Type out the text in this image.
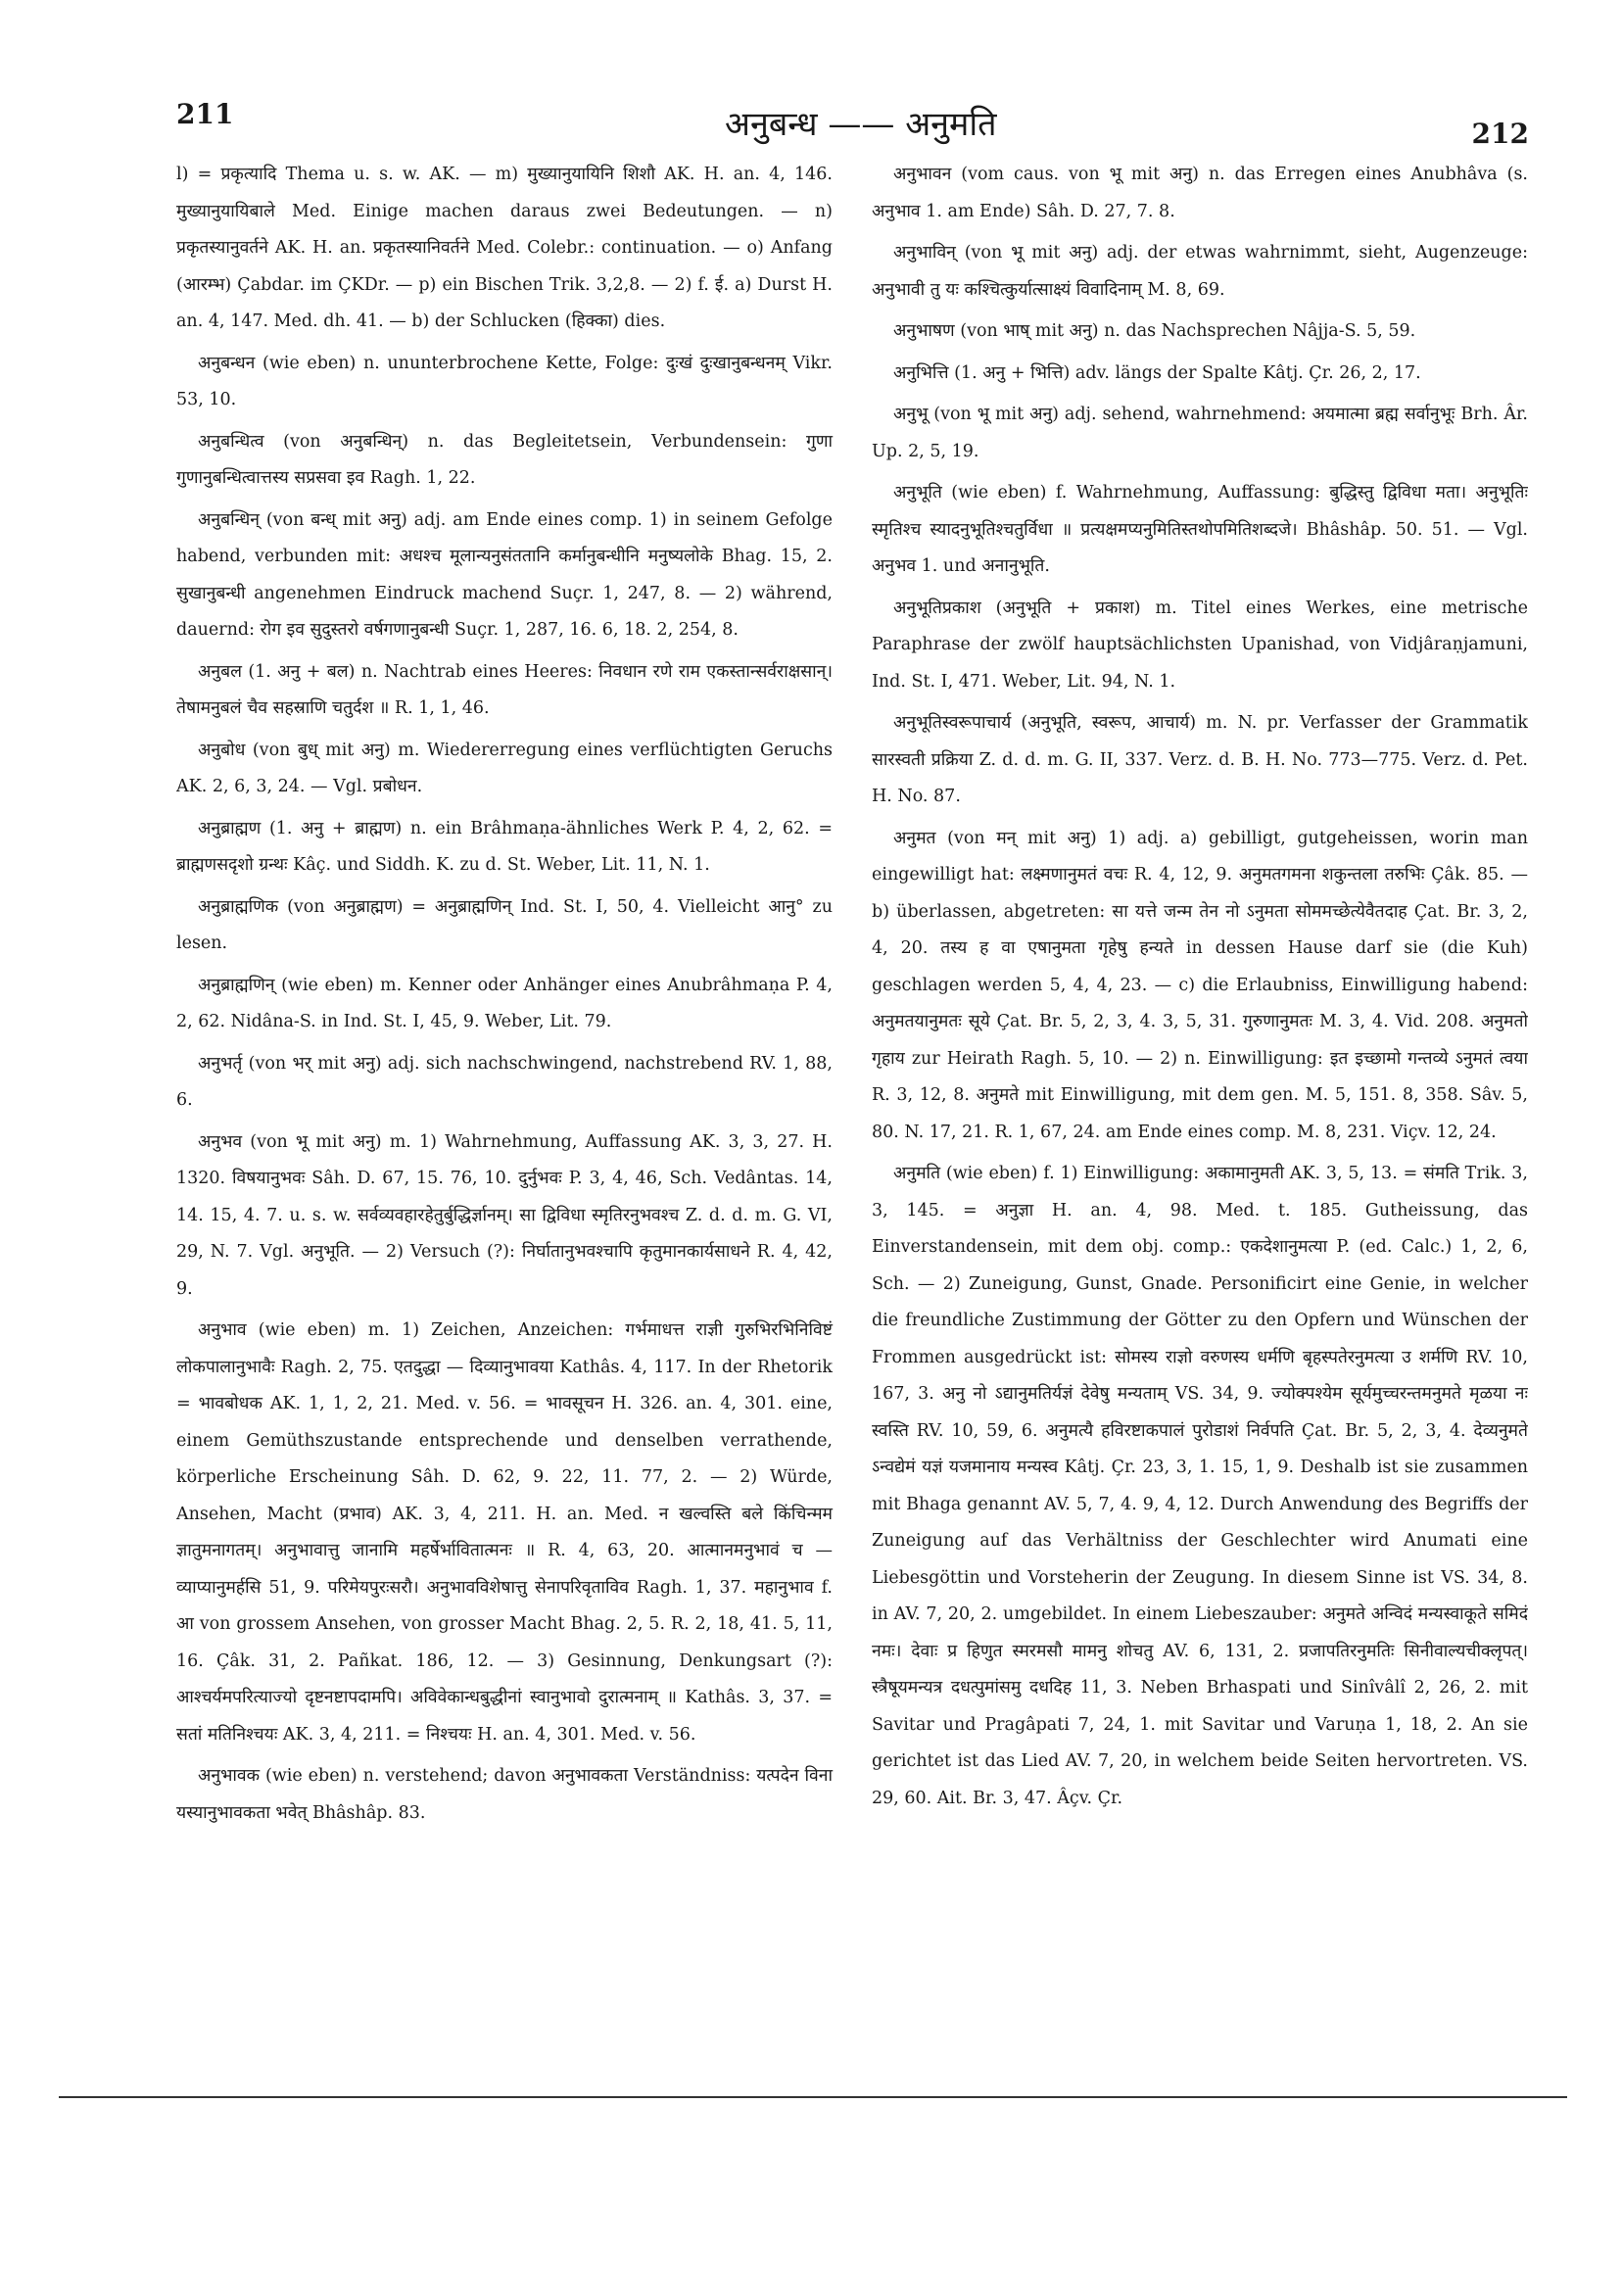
211	अनुबन्ध —— अनुमति	212

l) = प्रकृत्यादि Thema u. s. w. AK. — m) मुख्यानुयायिनि शिशौ AK. H. an. 4, 146. मुख्यानुयायिबाले Med. Einige machen daraus zwei Bedeutungen. — n) प्रकृतस्यानुवर्तने AK. H. an. प्रकृतस्यानिवर्तने Med. Colebr.: continuation. — o) Anfang (आरम्भ) Çabdar. im ÇKDr. — p) ein Bischen Trik. 3,2,8. — 2) f. ई. a) Durst H. an. 4, 147. Med. dh. 41. — b) der Schlucken (हिक्का) dies.

अनुबन्धन (wie eben) n. ununterbrochene Kette, Folge: दुःखं दुःखानुबन्धनम् Vikr. 53, 10.

अनुबन्धित्व (von अनुबन्धिन्) n. das Begleitetsein, Verbundensein: गुणा गुणानुबन्धित्वात्तस्य सप्रसवा इव Ragh. 1, 22.

अनुबन्धिन् (von बन्ध् mit अनु) adj. am Ende eines comp. 1) in seinem Gefolge habend, verbunden mit: अधश्च मूलान्यनुसंततानि कर्मानुबन्धीनि मनुष्यलोके Bhag. 15, 2. सुखानुबन्धी angenehmen Eindruck machend Suçr. 1, 247, 8. — 2) während, dauernd: रोग इव सुदुस्तरो वर्षगणानुबन्धी Suçr. 1, 287, 16. 6, 18. 2, 254, 8.

अनुबल (1. अनु + बल) n. Nachtrab eines Heeres: निवधान रणे राम एकस्तान्सर्वराक्षसान्। तेषामनुबलं चैव सहस्राणि चतुर्दश ॥ R. 1, 1, 46.

अनुबोध (von बुध् mit अनु) m. Wiedererregung eines verflüchtigten Geruchs AK. 2, 6, 3, 24. — Vgl. प्रबोधन.

अनुब्राह्मण (1. अनु + ब्राह्मण) n. ein Brâhmaṇa-ähnliches Werk P. 4, 2, 62. = ब्राह्मणसदृशो ग्रन्थः Kâç. und Siddh. K. zu d. St. Weber, Lit. 11, N. 1.

अनुब्राह्मणिक (von अनुब्राह्मण) = अनुब्राह्मणिन् Ind. St. I, 50, 4. Vielleicht आनु° zu lesen.

अनुब्राह्मणिन् (wie eben) m. Kenner oder Anhänger eines Anubrâhmaṇa P. 4, 2, 62. Nidâna-S. in Ind. St. I, 45, 9. Weber, Lit. 79.

अनुभर्तृ (von भर् mit अनु) adj. sich nachschwingend, nachstrebend RV. 1, 88, 6.

अनुभव (von भू mit अनु) m. 1) Wahrnehmung, Auffassung AK. 3, 3, 27. H. 1320. विषयानुभवः Sâh. D. 67, 15. 76, 10. दुर्नुभवः P. 3, 4, 46, Sch. Vedântas. 14, 14. 15, 4. 7. u. s. w. सर्वव्यवहारहेतुर्बुद्धिर्ज्ञानम्। सा द्विविधा स्मृतिरनुभवश्च Z. d. d. m. G. VI, 29, N. 7. Vgl. अनुभूति. — 2) Versuch (?): निर्घातानुभवश्चापि कृतुमानकार्यसाधने R. 4, 42, 9.

अनुभाव (wie eben) m. 1) Zeichen, Anzeichen: गर्भमाधत्त राज्ञी गुरुभिरभिनिविष्टं लोकपालानुभावैः Ragh. 2, 75. एतदुद्धा — दिव्यानुभावया Kathâs. 4, 117. In der Rhetorik = भावबोधक AK. 1, 1, 2, 21. Med. v. 56. = भावसूचन H. 326. an. 4, 301. eine, einem Gemüthszustande entsprechende und denselben verrathende, körperliche Erscheinung Sâh. D. 62, 9. 22, 11. 77, 2. — 2) Würde, Ansehen, Macht (प्रभाव) AK. 3, 4, 211. H. an. Med. न खल्वस्ति बले किंचिन्मम ज्ञातुमनागतम्। अनुभावात्तु जानामि महर्षेर्भावितात्मनः ॥ R. 4, 63, 20. आत्मानमनुभावं च — व्याप्यानुमर्हसि 51, 9. परिमेयपुरःसरौ। अनुभावविशेषात्तु सेनापरिवृताविव Ragh. 1, 37. महानुभाव f. आ von grossem Ansehen, von grosser Macht Bhag. 2, 5. R. 2, 18, 41. 5, 11, 16. Çâk. 31, 2. Pañkat. 186, 12. — 3) Gesinnung, Denkungsart (?): आश्चर्यमपरित्याज्यो दृष्टनष्टापदामपि। अविवेकान्धबुद्धीनां स्वानुभावो दुरात्मनाम् ॥ Kathâs. 3, 37. = सतां मतिनिश्चयः AK. 3, 4, 211. = निश्चयः H. an. 4, 301. Med. v. 56.

अनुभावक (wie eben) n. verstehend; davon अनुभावकता Verständniss: यत्पदेन विना यस्यानुभावकता भवेत् Bhâshâp. 83.

अनुभावन (vom caus. von भू mit अनु) n. das Erregen eines Anubhâva (s. अनुभाव 1. am Ende) Sâh. D. 27, 7. 8.

अनुभाविन् (von भू mit अनु) adj. der etwas wahrnimmt, sieht, Augenzeuge: अनुभावी तु यः कश्चित्कुर्यात्साक्ष्यं विवादिनाम् M. 8, 69.

अनुभाषण (von भाष् mit अनु) n. das Nachsprechen Nâjja-S. 5, 59.

अनुभित्ति (1. अनु + भित्ति) adv. längs der Spalte Kâtj. Çr. 26, 2, 17.

अनुभू (von भू mit अनु) adj. sehend, wahrnehmend: अयमात्मा ब्रह्म सर्वानुभूः Brh. Âr. Up. 2, 5, 19.

अनुभूति (wie eben) f. Wahrnehmung, Auffassung: बुद्धिस्तु द्विविधा मता। अनुभूतिः स्मृतिश्च स्यादनुभूतिश्चतुर्विधा ॥ प्रत्यक्षमप्यनुमितिस्तथोपमितिशब्दजे। Bhâshâp. 50. 51. — Vgl. अनुभव 1. und अनानुभूति.

अनुभूतिप्रकाश (अनुभूति + प्रकाश) m. Titel eines Werkes, eine metrische Paraphrase der zwölf hauptsächlichsten Upanishad, von Vidjâraṇjamuni, Ind. St. I, 471. Weber, Lit. 94, N. 1.

अनुभूतिस्वरूपाचार्य (अनुभूति, स्वरूप, आचार्य) m. N. pr. Verfasser der Grammatik सारस्वती प्रक्रिया Z. d. d. m. G. II, 337. Verz. d. B. H. No. 773—775. Verz. d. Pet. H. No. 87.

अनुमत (von मन् mit अनु) 1) adj. a) gebilligt, gutgeheissen, worin man eingewilligt hat: लक्ष्मणानुमतं वचः R. 4, 12, 9. अनुमतगमना शकुन्तला तरुभिः Çâk. 85. — b) überlassen, abgetreten: सा यत्ते जन्म तेन नो ऽनुमता सोममच्छेत्येवैतदाह Çat. Br. 3, 2, 4, 20. तस्य ह वा एषानुमता गृहेषु हन्यते in dessen Hause darf sie (die Kuh) geschlagen werden 5, 4, 4, 23. — c) die Erlaubniss, Einwilligung habend: अनुमतयानुमतः सूये Çat. Br. 5, 2, 3, 4. 3, 5, 31. गुरुणानुमतः M. 3, 4. Vid. 208. अनुमतो गृहाय zur Heirath Ragh. 5, 10. — 2) n. Einwilligung: इत इच्छामो गन्तव्ये ऽनुमतं त्वया R. 3, 12, 8. अनुमते mit Einwilligung, mit dem gen. M. 5, 151. 8, 358. Sâv. 5, 80. N. 17, 21. R. 1, 67, 24. am Ende eines comp. M. 8, 231. Viçv. 12, 24.

अनुमति (wie eben) f. 1) Einwilligung: अकामानुमती AK. 3, 5, 13. = संमति Trik. 3, 3, 145. = अनुज्ञा H. an. 4, 98. Med. t. 185. Gutheissung, das Einverstandensein, mit dem obj. comp.: एकदेशानुमत्या P. (ed. Calc.) 1, 2, 6, Sch. — 2) Zuneigung, Gunst, Gnade. Personificirt eine Genie, in welcher die freundliche Zustimmung der Götter zu den Opfern und Wünschen der Frommen ausgedrückt ist: सोमस्य राज्ञो वरुणस्य धर्मणि बृहस्पतेरनुमत्या उ शर्मणि RV. 10, 167, 3. अनु नो ऽद्यानुमतिर्यज्ञं देवेषु मन्यताम् VS. 34, 9. ज्योक्पश्येम सूर्यमुच्चरन्तमनुमते मृळया नः स्वस्ति RV. 10, 59, 6. अनुमत्यै हविरष्टाकपालं पुरोडाशं निर्वपति Çat. Br. 5, 2, 3, 4. देव्यनुमते ऽन्वद्येमं यज्ञं यजमानाय मन्यस्व Kâtj. Çr. 23, 3, 1. 15, 1, 9. Deshalb ist sie zusammen mit Bhaga genannt AV. 5, 7, 4. 9, 4, 12. Durch Anwendung des Begriffs der Zuneigung auf das Verhältniss der Geschlechter wird Anumati eine Liebesgöttin und Vorsteherin der Zeugung. In diesem Sinne ist VS. 34, 8. in AV. 7, 20, 2. umgebildet. In einem Liebeszauber: अनुमते अन्विदं मन्यस्वाकूते समिदं नमः। देवाः प्र हिणुत स्मरमसौ मामनु शोचतु AV. 6, 131, 2. प्रजापतिरनुमतिः सिनीवाल्यचीक्लृपत्। स्त्रैषूयमन्यत्र दधत्पुमांसमु दधदिह 11, 3. Neben Brhaspati und Sinîvâlî 2, 26, 2. mit Savitar und Pragâpati 7, 24, 1. mit Savitar und Varuṇa 1, 18, 2. An sie gerichtet ist das Lied AV. 7, 20, in welchem beide Seiten hervortreten. VS. 29, 60. Ait. Br. 3, 47. Âçv. Çr.
